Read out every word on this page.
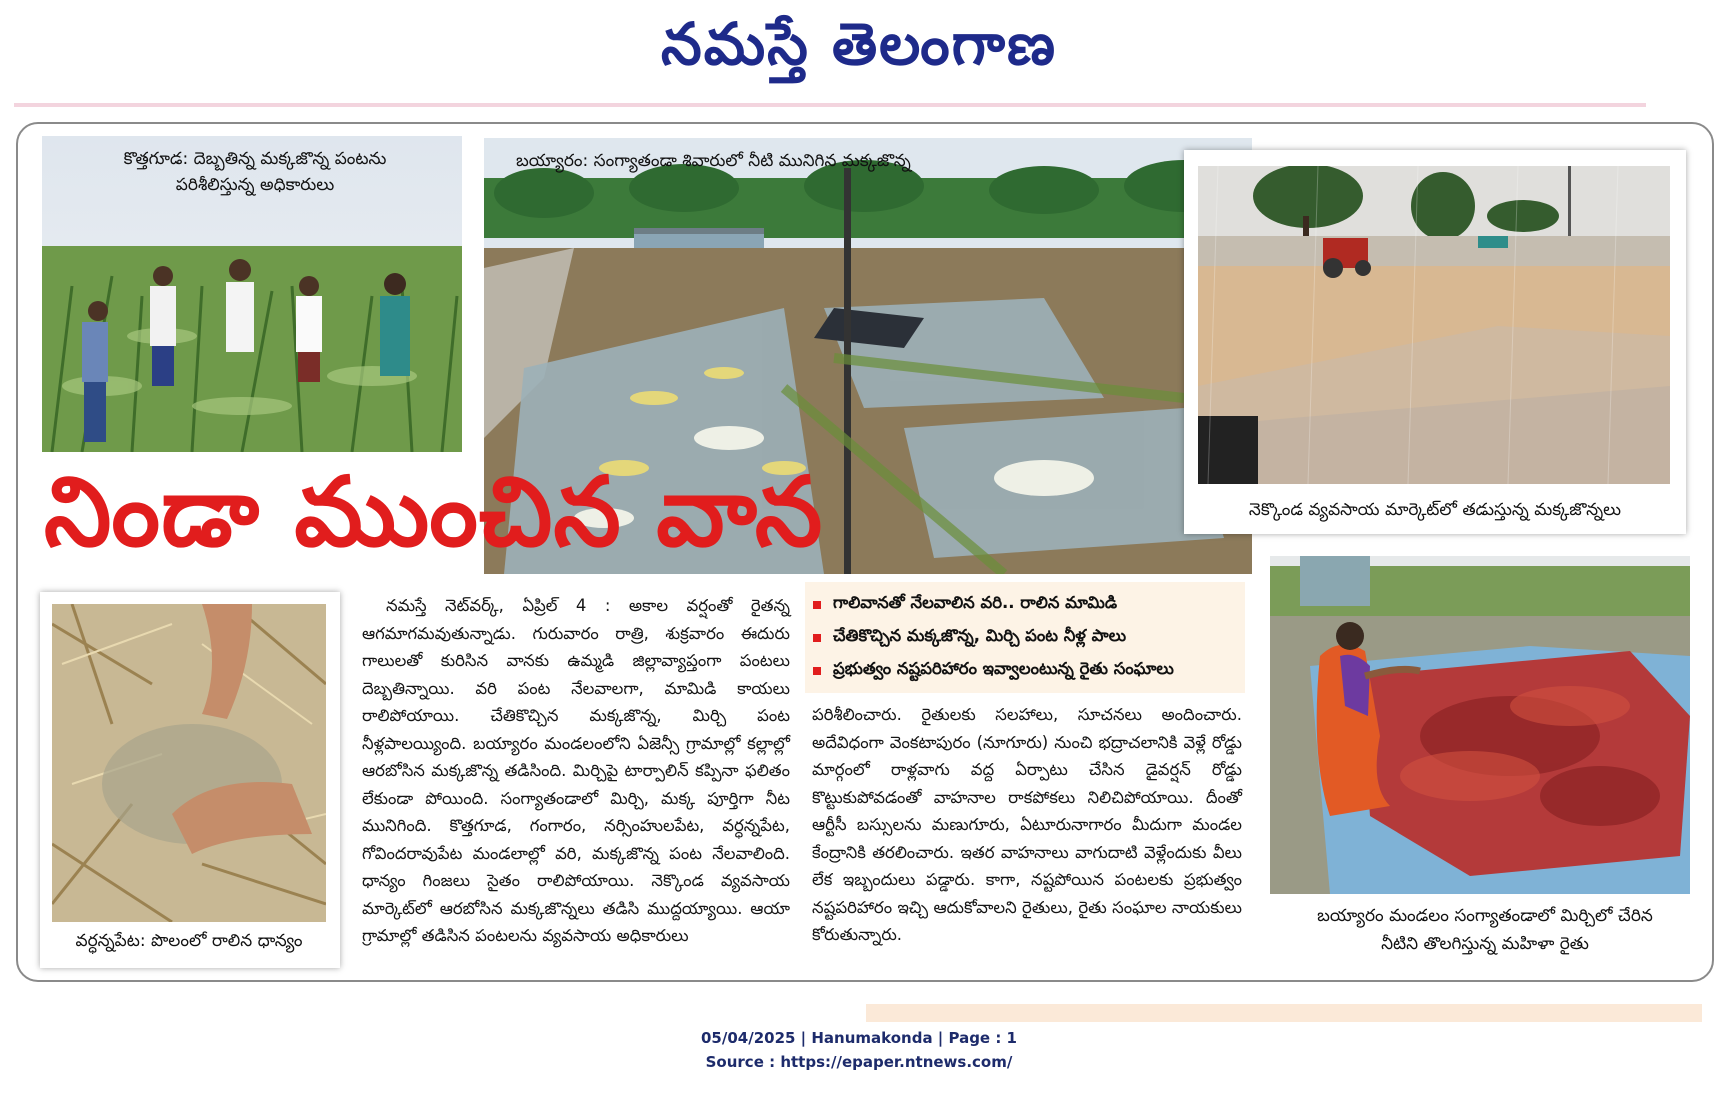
నమస్తే తెలంగాణ
కొత్తగూడ: దెబ్బతిన్న మక్కజొన్న పంటను పరిశీలిస్తున్న అధికారులు
బయ్యారం: సంగ్యాతండా శివారులో నీటి మునిగిన మక్కజొన్న
నెక్కొండ వ్యవసాయ మార్కెట్‌లో తడుస్తున్న మక్కజొన్నలు
నిండా ముంచిన వాన
వర్ధన్నపేట: పొలంలో రాలిన ధాన్యం
నమస్తే నెట్‌వర్క్, ఏప్రిల్ 4 : అకాల వర్షంతో రైతన్న ఆగమాగమవుతున్నాడు. గురువారం రాత్రి, శుక్రవారం ఈదురు గాలులతో కురిసిన వానకు ఉమ్మడి జిల్లావ్యాప్తంగా పంటలు దెబ్బతిన్నాయి. వరి పంట నేలవాలగా, మామిడి కాయలు రాలిపోయాయి. చేతికొచ్చిన మక్కజొన్న, మిర్చి పంట నీళ్లపాలయ్యింది. బయ్యారం మండలంలోని ఏజెన్సీ గ్రామాల్లో కల్లాల్లో ఆరబోసిన మక్కజొన్న తడిసింది. మిర్చిపై టార్పాలిన్ కప్పినా ఫలితం లేకుండా పోయింది. సంగ్యాతండాలో మిర్చి, మక్క పూర్తిగా నీట మునిగింది. కొత్తగూడ, గంగారం, నర్సింహులపేట, వర్ధన్నపేట, గోవిందరావుపేట మండలాల్లో వరి, మక్కజొన్న పంట నేలవాలింది. ధాన్యం గింజలు సైతం రాలిపోయాయి. నెక్కొండ వ్యవసాయ మార్కెట్‌లో ఆరబోసిన మక్కజొన్నలు తడిసి ముద్దయ్యాయి. ఆయా గ్రామాల్లో తడిసిన పంటలను వ్యవసాయ అధికారులు
గాలివానతో నేలవాలిన వరి.. రాలిన మామిడి
చేతికొచ్చిన మక్కజొన్న, మిర్చి పంట నీళ్ల పాలు
ప్రభుత్వం నష్టపరిహారం ఇవ్వాలంటున్న రైతు సంఘాలు
పరిశీలించారు. రైతులకు సలహాలు, సూచనలు అందించారు. అదేవిధంగా వెంకటాపురం (నూగూరు) నుంచి భద్రాచలానికి వెళ్లే రోడ్డు మార్గంలో రాళ్లవాగు వద్ద ఏర్పాటు చేసిన డైవర్షన్ రోడ్డు కొట్టుకుపోవడంతో వాహనాల రాకపోకలు నిలిచిపోయాయి. దీంతో ఆర్టీసీ బస్సులను మణుగూరు, ఏటూరునాగారం మీదుగా మండల కేంద్రానికి తరలించారు. ఇతర వాహనాలు వాగుదాటి వెళ్లేందుకు వీలు లేక ఇబ్బందులు పడ్డారు. కాగా, నష్టపోయిన పంటలకు ప్రభుత్వం నష్టపరిహారం ఇచ్చి ఆదుకోవాలని రైతులు, రైతు సంఘాల నాయకులు కోరుతున్నారు.
బయ్యారం మండలం సంగ్యాతండాలో మిర్చిలో చేరిన నీటిని తొలగిస్తున్న మహిళా రైతు
05/04/2025 | Hanumakonda | Page : 1
Source : https://epaper.ntnews.com/
